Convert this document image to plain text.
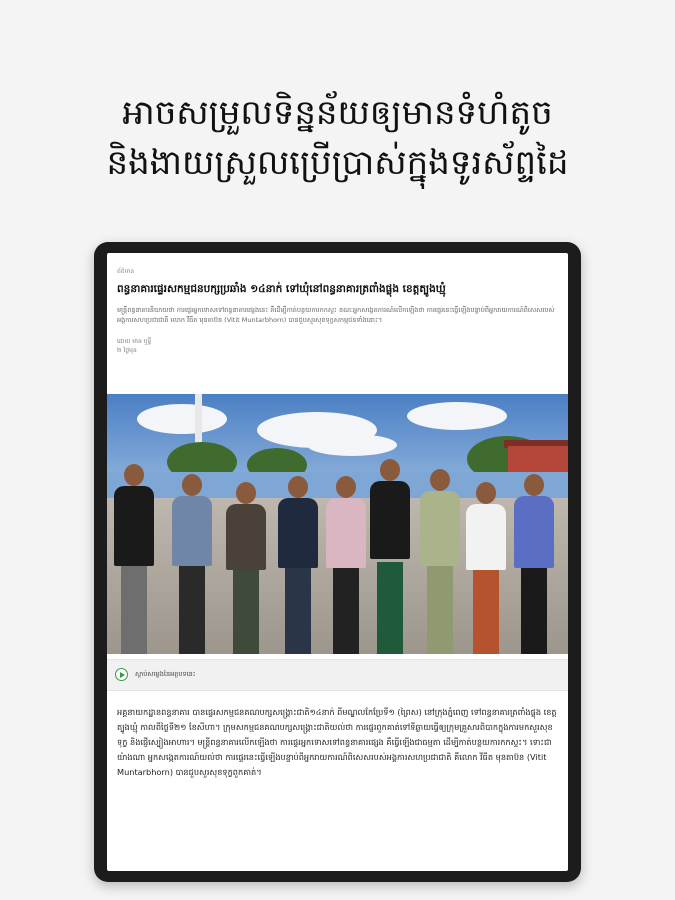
អាចសម្រួលទិន្នន័យឲ្យមានទំហំតូច
និងងាយស្រួលប្រើប្រាស់ក្នុងទូរស័ព្ទដៃ
ព័ត៌មាន
ពន្ធនាគារផ្ទេរសកម្មជនបក្សប្រឆាំង ១៤នាក់ ទៅឃុំនៅពន្ធនាគារត្រពាំងផ្លុង ខេត្តត្បូងឃ្មុំ
មន្ត្រីពន្ធនាគារនិយាយថា ការផ្ទេរអ្នកទោសទៅពន្ធនាគារផ្សេងនេះ គឺដើម្បីកាត់បន្ថយការកកស្ទះ ខណៈអ្នកសង្កេតការណ៍លើកឡើងថា ការផ្ទេរនេះធ្វើឡើងបន្ទាប់ពីអ្នករាយការណ៍ពិសេសរបស់អង្គការសហប្រជាជាតិ លោក វីធីត មុនតាប៊ន (Vitit Muntarbhorn) បានជួបសួរសុខទុក្ខសកម្មជនទាំងនោះ។
ដោយ មាន ឬទ្ធី
២ ថ្ងៃមុន
ស្ដាប់សម្លេងនៃអត្ថបទនេះ
អគ្គនាយកដ្ឋានពន្ធនាគារ បានផ្ទេរសកម្មជនគណបក្សសង្គ្រោះជាតិ១៤នាក់ ពីមណ្ឌលកែប្រែទី១ (ព្រៃស) នៅក្រុងភ្នំពេញ ទៅពន្ធនាគារត្រពាំងផ្លុង ខេត្តត្បូងឃ្មុំ កាលពីថ្ងៃទី២១ ខែសីហា។ ក្រុមសកម្មជនគណបក្សសង្គ្រោះជាតិយល់ថា ការផ្ទេរពួកគាត់ទៅទីឆ្ងាយធ្វើឲ្យក្រុមគ្រួសារពិបាកក្នុងការមកសួរសុខទុក្ខ និងផ្ញើស្បៀងអាហារ។ មន្ត្រីពន្ធនាគារលើកឡើងថា ការផ្ទេរអ្នកទោសទៅពន្ធនាគារផ្សេង គឺធ្វើឡើងជាធម្មតា ដើម្បីកាត់បន្ថយការកកស្ទះ។ ទោះជាយ៉ាងណា អ្នកសង្កេតការណ៍យល់ថា ការផ្ទេរនេះធ្វើឡើងបន្ទាប់ពីអ្នករាយការណ៍ពិសេសរបស់អង្គការសហប្រជាជាតិ គឺលោក វីធីត មុនតាប៊ន (Vitit Muntarbhorn) បានជួបសួរសុខទុក្ខពួកគាត់។
